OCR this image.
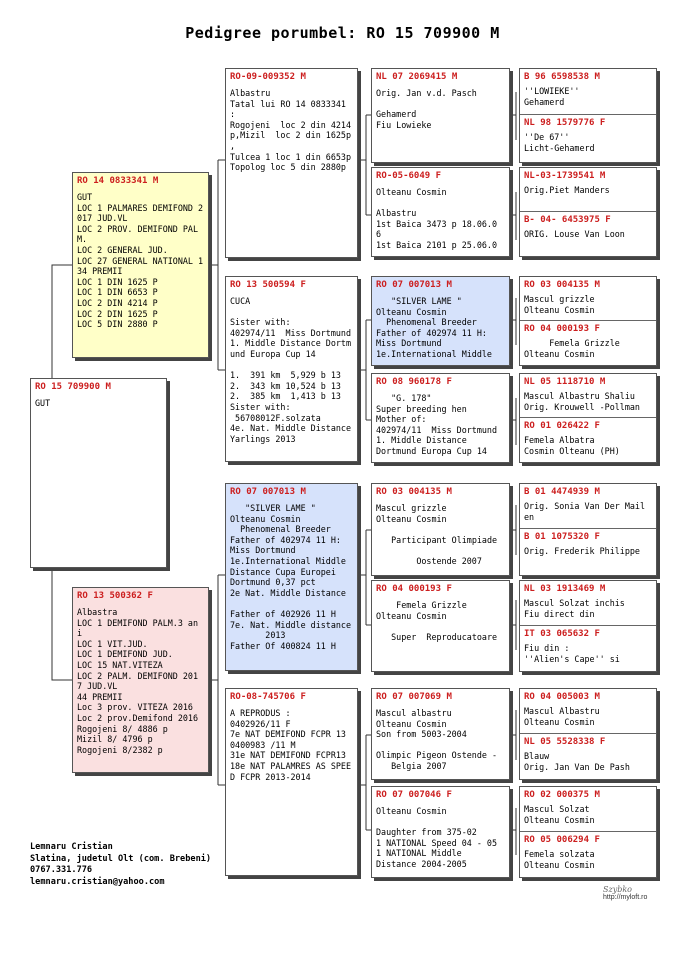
Pedigree porumbel: RO 15 709900 M
RO 15 709900 M
GUT
RO 14 0833341 M
GUT
LOC 1 PALMARES DEMIFOND 2017 JUD.VL
LOC 2 PROV. DEMIFOND PAL M.
LOC 2 GENERAL JUD.
LOC 27 GENERAL NATIONAL 1
34 PREMII
LOC 1 DIN 1625 P
LOC 1 DIN 6653 P
LOC 2 DIN 4214 P
LOC 2 DIN 1625 P
LOC 5 DIN 2880 P
RO 13 500362 F
Albastra
LOC 1 DEMIFOND PALM.3 an i
LOC 1 VIT.JUD.
LOC 1 DEMIFOND JUD.
LOC 15 NAT.VITEZA
LOC 2 PALM. DEMIFOND 201 7 JUD.VL
44 PREMII
Loc 3 prov. VITEZA 2016
Loc 2 prov.Demifond 2016
Rogojeni 8/ 4886 p
Mizil 8/ 4796 p
Rogojeni 8/2382 p
RO-09-009352 M
Albastru
Tatal lui RO 14 0833341 :
Rogojeni  loc 2 din 4214 p,Mizil  loc 2 din 1625p ,
Tulcea 1 loc 1 din 6653p
Topolog loc 5 din 2880p
RO 13 500594 F
CUCA

Sister with:
402974/11  Miss Dortmund
1. Middle Distance Dortmund Europa Cup 14

1.  391 km  5,929 b 13
2.  343 km 10,524 b 13
2.  385 km  1,413 b 13
Sister with:
56708012F.solzata
4e. Nat. Middle Distance Yarlings 2013
RO 07 007013 M
"SILVER LAME "
Olteanu Cosmin
Phenomenal Breeder
Father of 402974 11 H:
Miss Dortmund
1e.International Middle Distance Cupa Europei
Dortmund 0,37 pct
2e Nat. Middle Distance

Father of 402926 11 H
7e. Nat. Middle distance
2013
Father Of 400824 11 H
RO-08-745706 F
A REPRODUS :
0402926/11 F
7e NAT DEMIFOND FCPR 13
0400983 /11 M
31e NAT DEMIFOND FCPR13
18e NAT PALAMRES AS SPEE D FCPR 2013-2014
NL 07 2069415 M
Orig. Jan v.d. Pasch

Gehamerd
Fiu Lowieke
RO-05-6049 F
Olteanu Cosmin

Albastru
1st Baica 3473 p 18.06.0 6
1st Baica 2101 p 25.06.0
RO 07 007013 M
"SILVER LAME "
Olteanu Cosmin
Phenomenal Breeder
Father of 402974 11 H:
Miss Dortmund
1e.International Middle
RO 08 960178 F
"G. 178"
Super breeding hen
Mother of:
402974/11  Miss Dortmund
1. Middle Distance
Dortmund Europa Cup 14
RO 03 004135 M
Mascul grizzle
Olteanu Cosmin

Participant Olimpiade

Oostende 2007
RO 04 000193 F
Femela Grizzle
Olteanu Cosmin

Super  Reproducatoare
RO 07 007069 M
Mascul albastru
Olteanu Cosmin
Son from 5003-2004

Olimpic Pigeon Ostende -
Belgia 2007
RO 07 007046 F
Olteanu Cosmin

Daughter from 375-02
1 NATIONAL Speed 04 - 05
1 NATIONAL Middle
Distance 2004-2005
B 96 6598538 M
''LOWIEKE''
Gehamerd
NL 98 1579776 F
''De 67''
Licht-Gehamerd
NL-03-1739541 M
Orig.Piet Manders
B- 04- 6453975 F
ORIG. Louse Van Loon
RO 03 004135 M
Mascul grizzle
Olteanu Cosmin
RO 04 000193 F
Femela Grizzle
Olteanu Cosmin
NL 05 1118710 M
Mascul Albastru Shaliu
Orig. Krouwell -Pollman
RO 01 026422 F
Femela Albatra
Cosmin Olteanu (PH)
B 01 4474939 M
Orig. Sonia Van Der Mail en
B 01 1075320 F
Orig. Frederik Philippe
NL 03 1913469 M
Mascul Solzat inchis
Fiu direct din
IT 03 065632 F
Fiu din :
''Alien's Cape'' si
RO 04 005003 M
Mascul Albastru
Olteanu Cosmin
NL 05 5528338 F
Blauw
Orig. Jan Van De Pash
RO 02 000375 M
Mascul Solzat
Olteanu Cosmin
RO 05 006294 F
Femela solzata
Olteanu Cosmin
Lemnaru Cristian
Slatina, judetul Olt (com. Brebeni)
0767.331.776
lemnaru.cristian@yahoo.com
Szybko
http://myloft.ro
